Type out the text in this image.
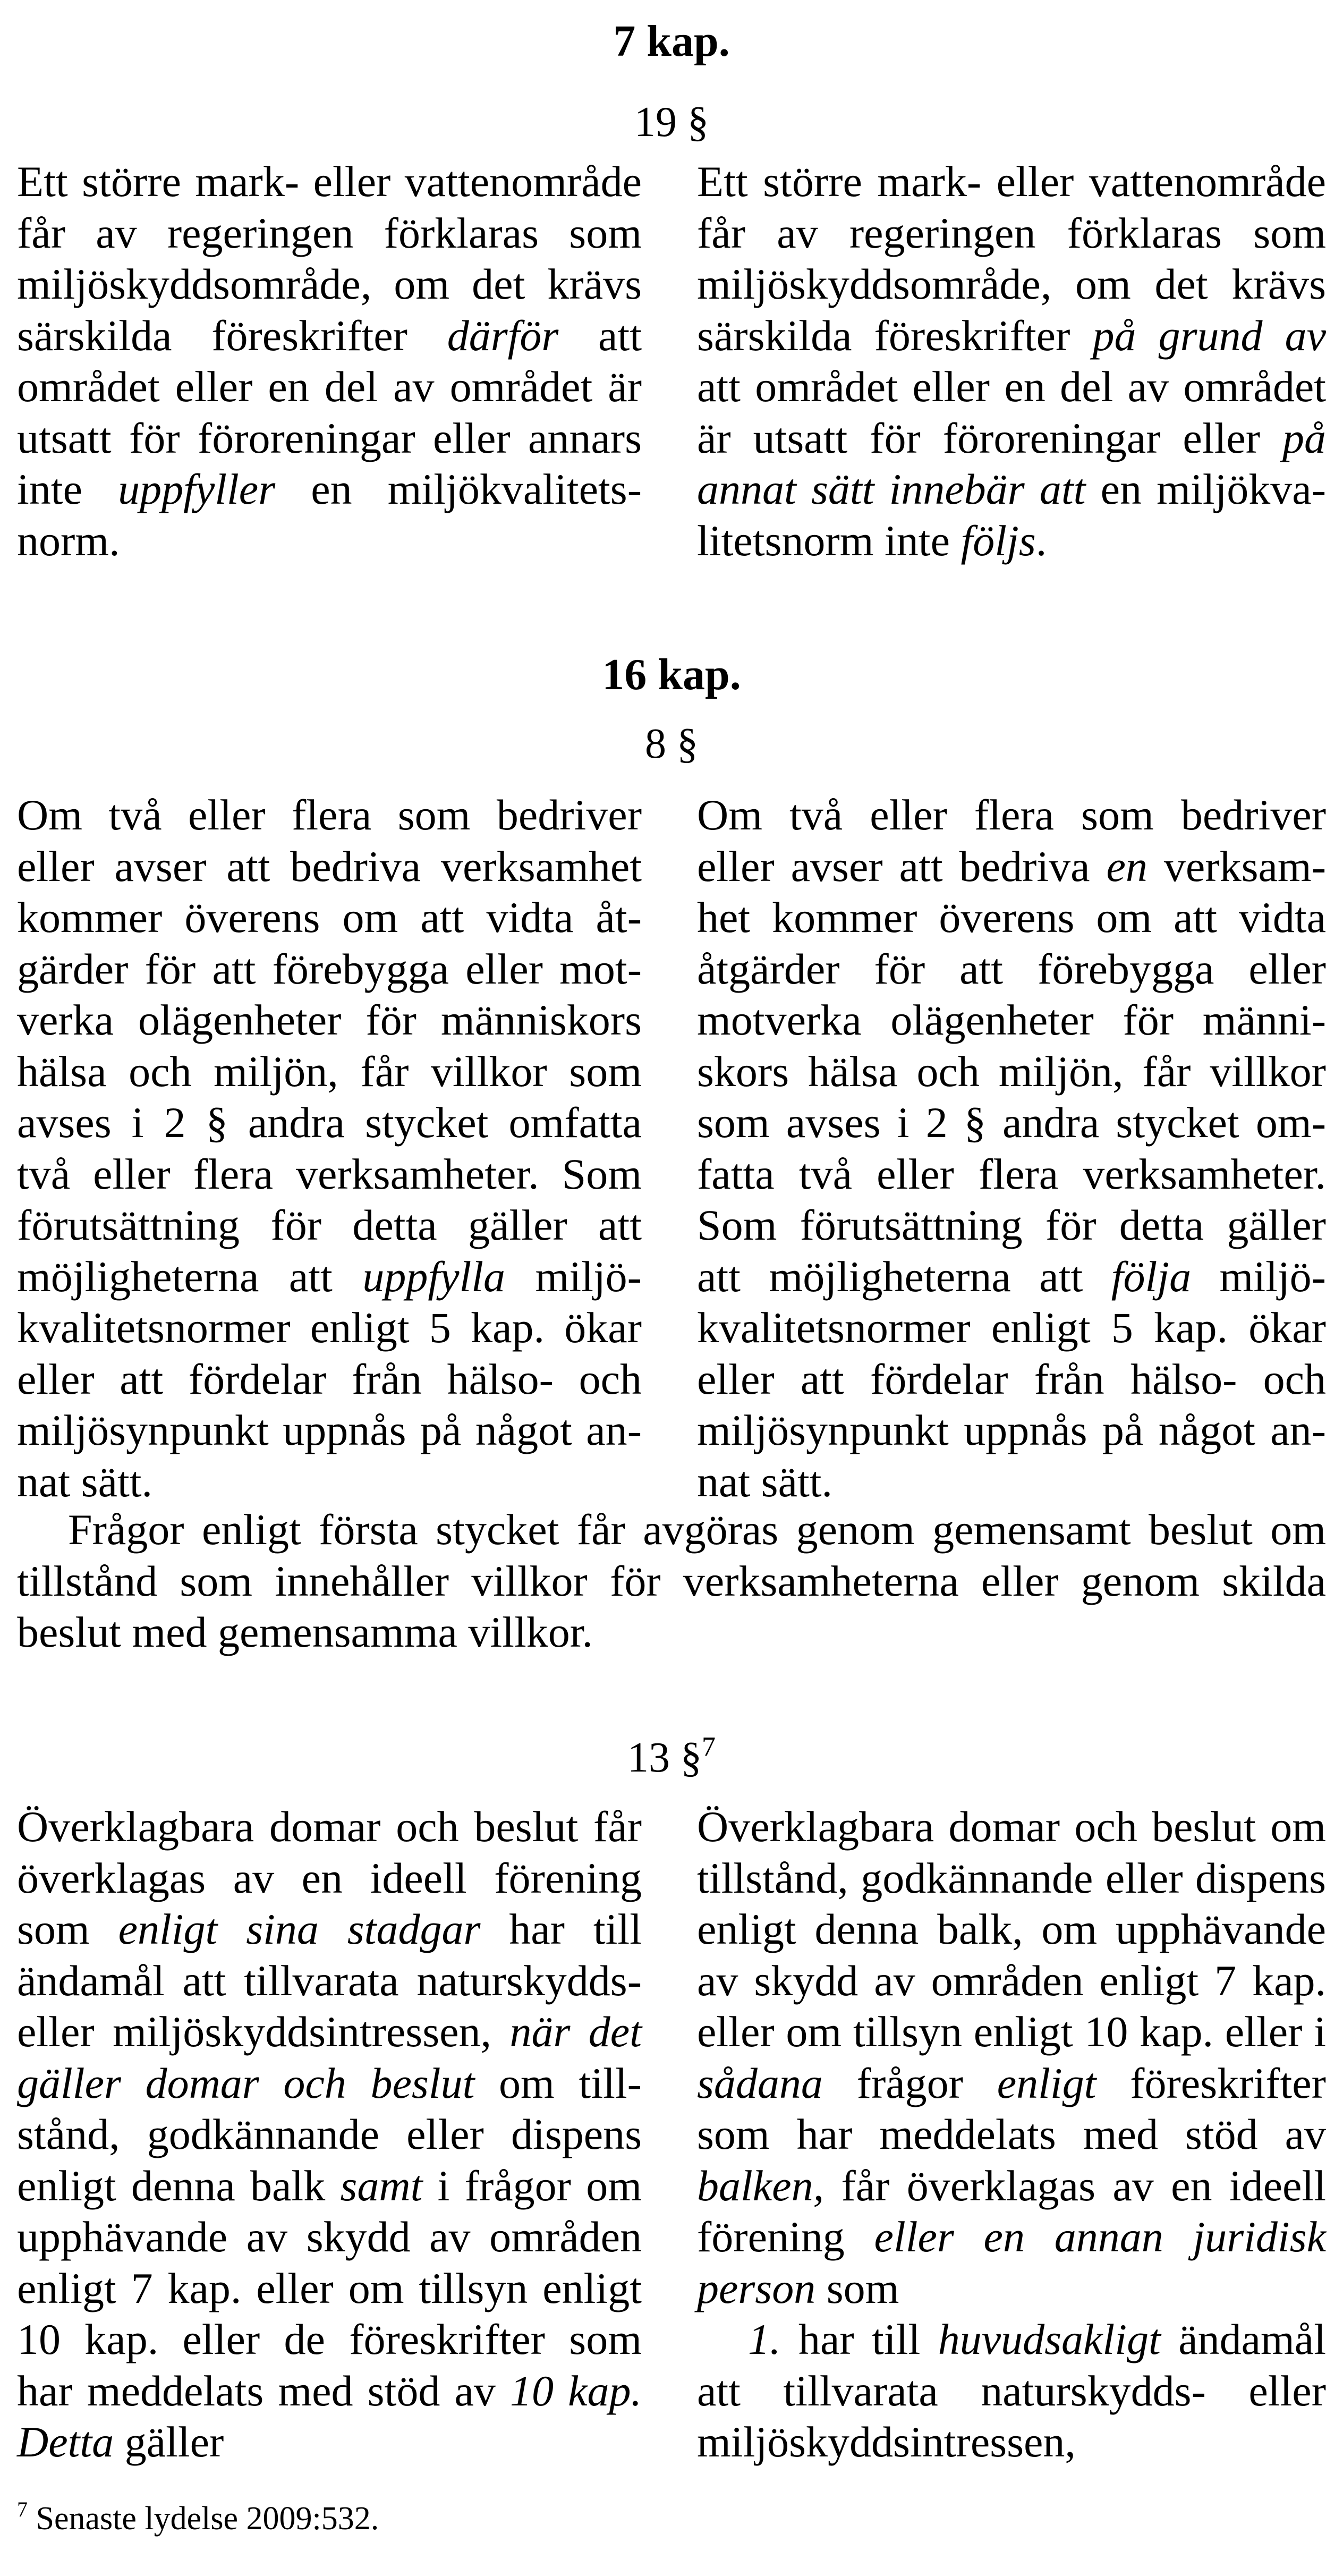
7 kap.
19 §

Ett större mark- eller vattenområde får av regeringen förklaras som miljöskyddsområde, om det krävs särskilda föreskrifter därför att området eller en del av området är utsatt för föroreningar eller annars inte uppfyller en miljökvalitetsnorm.

Ett större mark- eller vattenområde får av regeringen förklaras som miljöskyddsområde, om det krävs särskilda föreskrifter på grund av att området eller en del av området är utsatt för föroreningar eller på annat sätt innebär att en miljökvalitetsnorm inte följs.

16 kap.
8 §

Om två eller flera som bedriver eller avser att bedriva verksamhet kommer överens om att vidta åtgärder för att förebygga eller motverka olägenheter för människors hälsa och miljön, får villkor som avses i 2 § andra stycket omfatta två eller flera verksamheter. Som förutsättning för detta gäller att möjligheterna att uppfylla miljökvalitetsnormer enligt 5 kap. ökar eller att fördelar från hälso- och miljösynpunkt uppnås på något annat sätt.

Om två eller flera som bedriver eller avser att bedriva en verksamhet kommer överens om att vidta åtgärder för att förebygga eller motverka olägenheter för människors hälsa och miljön, får villkor som avses i 2 § andra stycket omfatta två eller flera verksamheter. Som förutsättning för detta gäller att möjligheterna att följa miljökvalitetsnormer enligt 5 kap. ökar eller att fördelar från hälso- och miljösynpunkt uppnås på något annat sätt.

Frågor enligt första stycket får avgöras genom gemensamt beslut om tillstånd som innehåller villkor för verksamheterna eller genom skilda beslut med gemensamma villkor.

13 §$^7$

Överklagbara domar och beslut får överklagas av en ideell förening som enligt sina stadgar har till ändamål att tillvarata naturskydds- eller miljöskyddsintressen, när det gäller domar och beslut om tillstånd, godkännande eller dispens enligt denna balk samt i frågor om upphävande av skydd av områden enligt 7 kap. eller om tillsyn enligt 10 kap. eller de föreskrifter som har meddelats med stöd av 10 kap. Detta gäller

Överklagbara domar och beslut om tillstånd, godkännande eller dispens enligt denna balk, om upphävande av skydd av områden enligt 7 kap. eller om tillsyn enligt 10 kap. eller i sådana frågor enligt föreskrifter som har meddelats med stöd av balken, får överklagas av en ideell förening eller en annan juridisk person som

1. har till huvudsakligt ändamål att tillvarata naturskydds- eller miljöskyddsintressen,

$^7$ Senaste lydelse 2009:532.
